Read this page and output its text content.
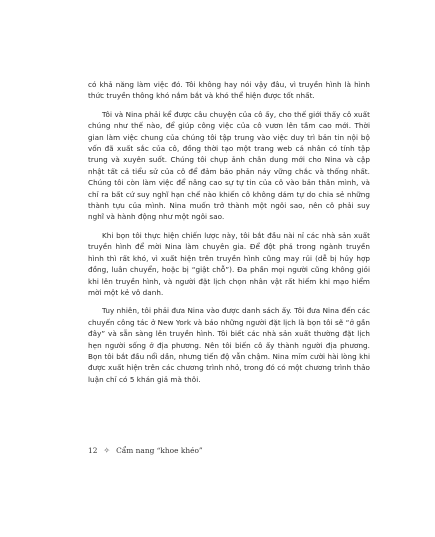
có khả năng làm việc đó. Tôi không hay nói vậy đâu, vì truyền hình là hình thức truyền thông khó nắm bắt và khó thể hiện được tốt nhất.

Tôi và Nina phải kể được câu chuyện của cô ấy, cho thế giới thấy cô xuất chúng như thế nào, để giúp công việc của cô vươn lên tầm cao mới. Thời gian làm việc chung của chúng tôi tập trung vào việc duy trì bản tin nội bộ vốn đã xuất sắc của cô, đồng thời tạo một trang web cá nhân có tính tập trung và xuyên suốt. Chúng tôi chụp ảnh chân dung mới cho Nina và cập nhật tất cả tiểu sử của cô để đảm bảo phản náy vững chắc và thống nhất. Chúng tôi còn làm việc để nâng cao sự tự tin của cô vào bản thân mình, và chỉ ra bất cứ suy nghĩ hạn chế nào khiến cô không dám tự do chia sẻ những thành tựu của mình. Nina muốn trở thành một ngôi sao, nên cô phải suy nghĩ và hành động như một ngôi sao.

Khi bọn tôi thực hiện chiến lược này, tôi bắt đầu nài nỉ các nhà sản xuất truyền hình để mời Nina làm chuyên gia. Để đột phá trong ngành truyền hình thì rất khó, vì xuất hiện trên truyền hình cũng may rủi (dễ bị hủy hợp đồng, luân chuyển, hoặc bị “giật chỗ”). Đa phần mọi người cũng không giỏi khi lên truyền hình, và người đặt lịch chọn nhân vật rất hiếm khi mạo hiểm mời một kẻ vô danh.

Tuy nhiên, tôi phải đưa Nina vào được danh sách ấy. Tôi đưa Nina đến các chuyến công tác ở New York và báo những người đặt lịch là bọn tôi sẽ “ở gần đây” và sẵn sàng lên truyền hình. Tôi biết các nhà sản xuất thường đặt lịch hẹn người sống ở địa phương. Nên tôi biến cô ấy thành người địa phương. Bọn tôi bắt đầu nổi dần, nhưng tiến độ vẫn chậm. Nina mỉm cười hài lòng khi được xuất hiện trên các chương trình nhỏ, trong đó có một chương trình thảo luận chỉ có 5 khán giả mà thôi.

12 ✧ Cẩm nang “khoe khéo”
